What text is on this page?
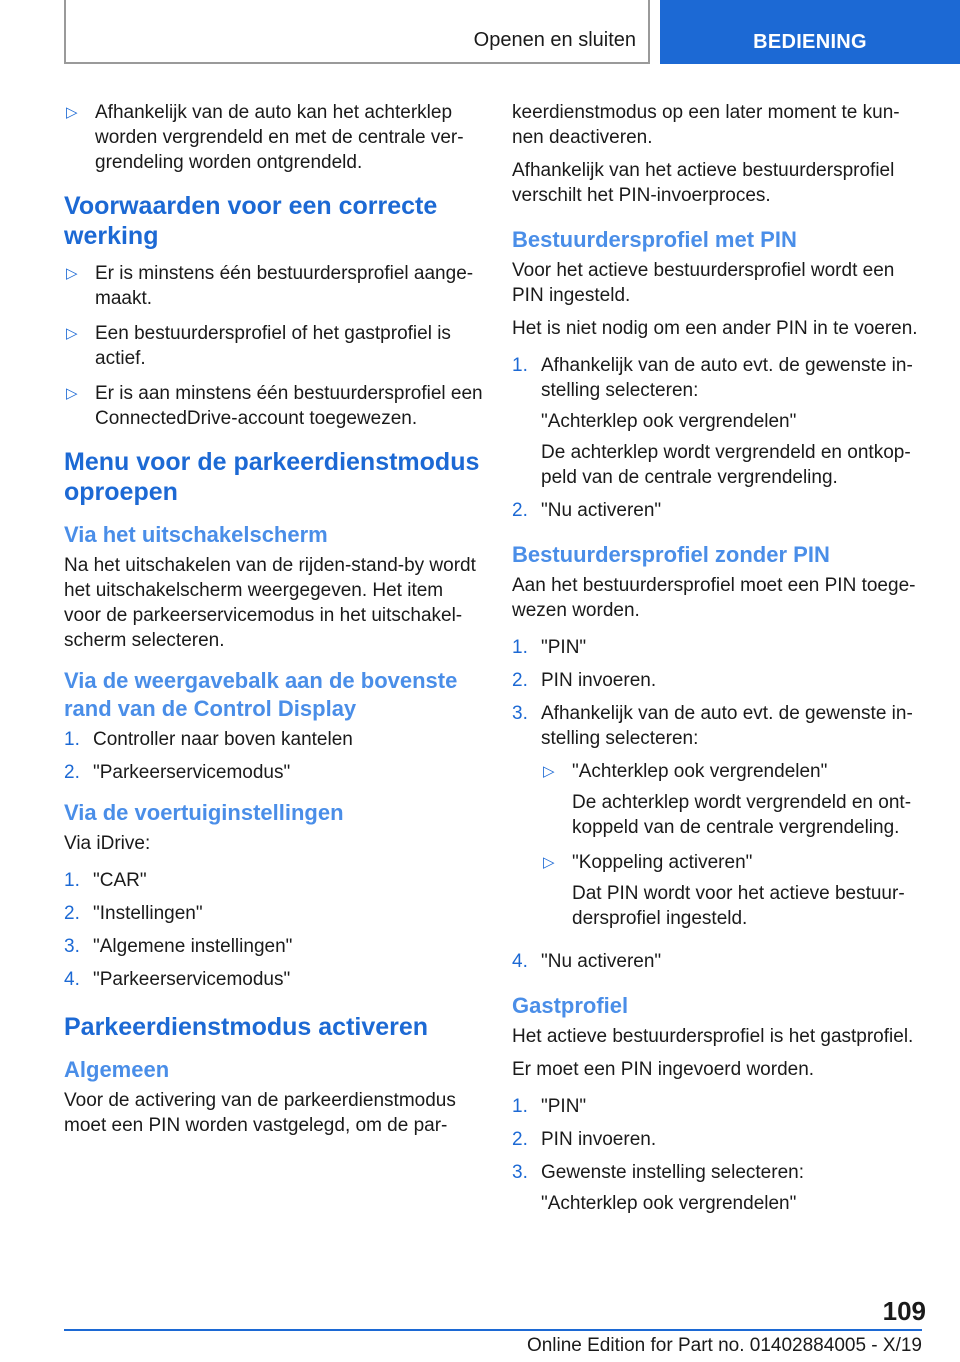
Openen en sluiten	BEDIENING
▷ Afhankelijk van de auto kan het achterklep worden vergrendeld en met de centrale ver-grendeling worden ontgrendeld.
Voorwaarden voor een correcte werking
▷ Er is minstens één bestuurdersprofiel aange-maakt.
▷ Een bestuurdersprofiel of het gastprofiel is actief.
▷ Er is aan minstens één bestuurdersprofiel een ConnectedDrive-account toegewezen.
Menu voor de parkeerdienstmodus oproepen
Via het uitschakelscherm

Na het uitschakelen van de rijden-stand-by wordt het uitschakelscherm weergegeven. Het item voor de parkeerservicemodus in het uitschakel-scherm selecteren.

Via de weergavebalk aan de bovenste rand van de Control Display
1. Controller naar boven kantelen
2. "Parkeerservicemodus"
Via de voertuiginstellingen

Via iDrive:

1. "CAR"
2. "Instellingen"
3. "Algemene instellingen"
4. "Parkeerservicemodus"
Parkeerdienstmodus activeren
Algemeen

Voor de activering van de parkeerdienstmodus moet een PIN worden vastgelegd, om de par-

keerdienstmodus op een later moment te kun-nen deactiveren.

Afhankelijk van het actieve bestuurdersprofiel verschilt het PIN-invoerproces.

Bestuurdersprofiel met PIN

Voor het actieve bestuurdersprofiel wordt een PIN ingesteld.

Het is niet nodig om een ander PIN in te voeren.

1. Afhankelijk van de auto evt. de gewenste in-stelling selecteren:
"Achterklep ook vergrendelen"
De achterklep wordt vergrendeld en ontkop-peld van de centrale vergrendeling.
2. "Nu activeren"
Bestuurdersprofiel zonder PIN

Aan het bestuurdersprofiel moet een PIN toege-wezen worden.

1. "PIN"
2. PIN invoeren.
3. Afhankelijk van de auto evt. de gewenste in-stelling selecteren:
▷ "Achterklep ook vergrendelen"
De achterklep wordt vergrendeld en ont-koppeld van de centrale vergrendeling.
▷ "Koppeling activeren"
Dat PIN wordt voor het actieve bestuur-dersprofiel ingesteld.
4. "Nu activeren"
Gastprofiel

Het actieve bestuurdersprofiel is het gastprofiel.

Er moet een PIN ingevoerd worden.

1. "PIN"
2. PIN invoeren.
3. Gewenste instelling selecteren:
"Achterklep ook vergrendelen"
109
Online Edition for Part no. 01402884005 - X/19
